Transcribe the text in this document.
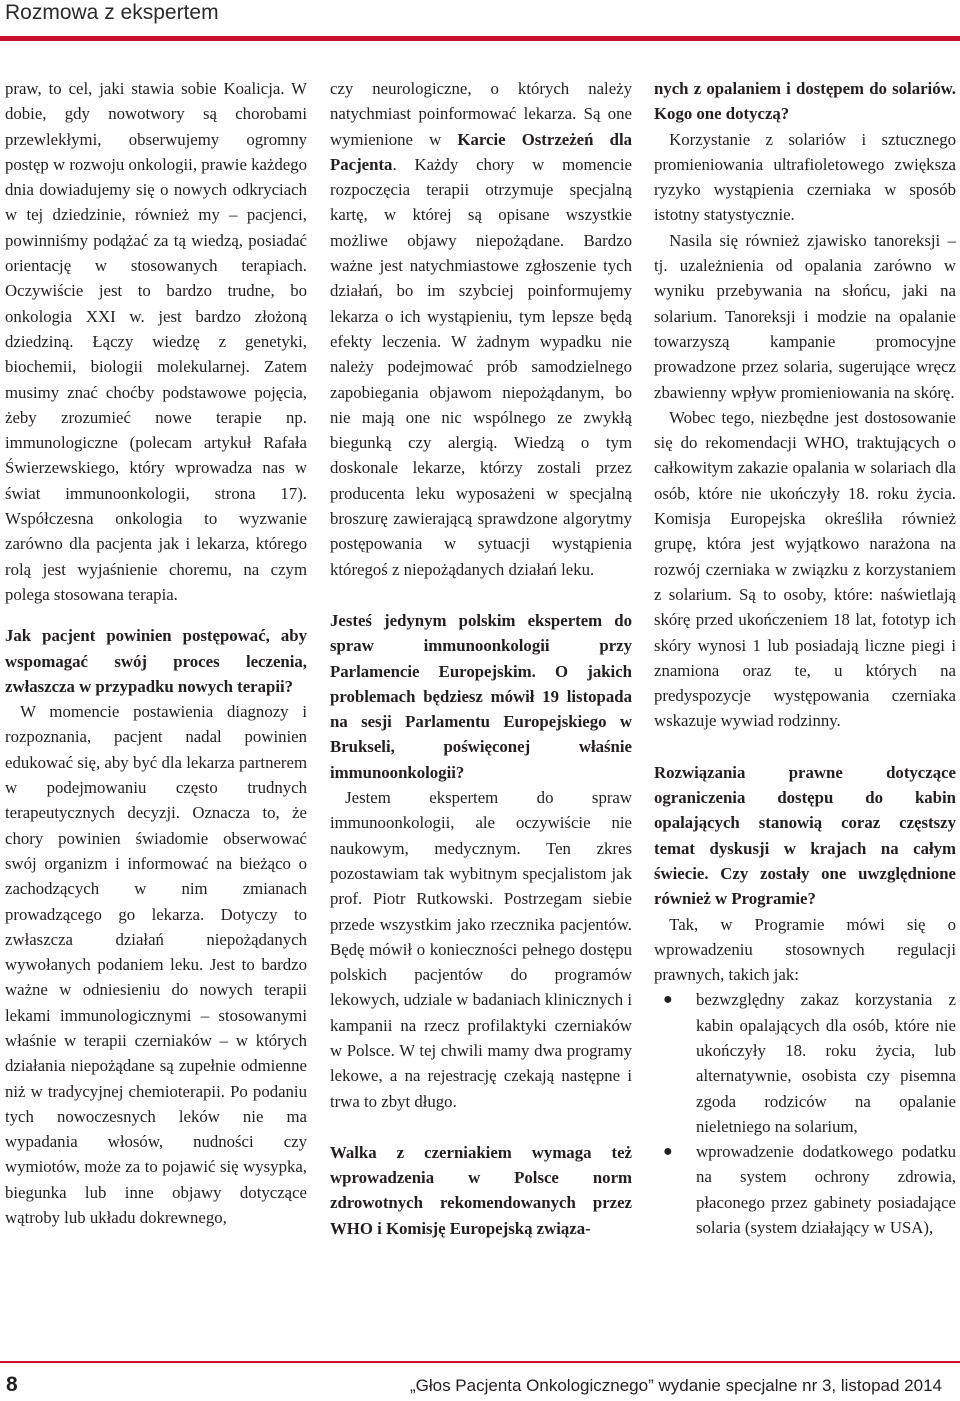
Rozmowa z ekspertem

praw, to cel, jaki stawia sobie Koalicja. W dobie, gdy nowotwory są chorobami przewlekłymi, obserwujemy ogromny postęp w rozwoju onkologii, prawie każdego dnia dowiadujemy się o nowych odkryciach w tej dziedzinie, również my – pacjenci, powinniśmy podążać za tą wiedzą, posiadać orientację w stosowanych terapiach. Oczywiście jest to bardzo trudne, bo onkologia XXI w. jest bardzo złożoną dziedziną. Łączy wiedzę z genetyki, biochemii, biologii molekularnej. Zatem musimy znać choćby podstawowe pojęcia, żeby zrozumieć nowe terapie np. immunologiczne (polecam artykuł Rafała Świerzewskiego, który wprowadza nas w świat immunoonkologii, strona 17). Współczesna onkologia to wyzwanie zarówno dla pacjenta jak i lekarza, którego rolą jest wyjaśnienie choremu, na czym polega stosowana terapia.

Jak pacjent powinien postępować, aby wspomagać swój proces leczenia, zwłaszcza w przypadku nowych terapii?

W momencie postawienia diagnozy i rozpoznania, pacjent nadal powinien edukować się, aby być dla lekarza partnerem w podejmowaniu często trudnych terapeutycznych decyzji. Oznacza to, że chory powinien świadomie obserwować swój organizm i informować na bieżąco o zachodzących w nim zmianach prowadzącego go lekarza. Dotyczy to zwłaszcza działań niepożądanych wywołanych podaniem leku. Jest to bardzo ważne w odniesieniu do nowych terapii lekami immunologicznymi – stosowanymi właśnie w terapii czerniaków – w których działania niepożądane są zupełnie odmienne niż w tradycyjnej chemioterapii. Po podaniu tych nowoczesnych leków nie ma wypadania włosów, nudności czy wymiotów, może za to pojawić się wysypka, biegunka lub inne objawy dotyczące wątroby lub układu dokrewnego,

czy neurologiczne, o których należy natychmiast poinformować lekarza. Są one wymienione w Karcie Ostrzeżeń dla Pacjenta. Każdy chory w momencie rozpoczęcia terapii otrzymuje specjalną kartę, w której są opisane wszystkie możliwe objawy niepożądane. Bardzo ważne jest natychmiastowe zgłoszenie tych działań, bo im szybciej poinformujemy lekarza o ich wystąpieniu, tym lepsze będą efekty leczenia. W żadnym wypadku nie należy podejmować prób samodzielnego zapobiegania objawom niepożądanym, bo nie mają one nic wspólnego ze zwykłą biegunką czy alergią. Wiedzą o tym doskonale lekarze, którzy zostali przez producenta leku wyposażeni w specjalną broszurę zawierającą sprawdzone algorytmy postępowania w sytuacji wystąpienia któregoś z niepożądanych działań leku.

Jesteś jedynym polskim ekspertem do spraw immunoonkologii przy Parlamencie Europejskim. O jakich problemach będziesz mówił 19 listopada na sesji Parlamentu Europejskiego w Brukseli, poświęconej właśnie immunoonkologii?

Jestem ekspertem do spraw immunoonkologii, ale oczywiście nie naukowym, medycznym. Ten zkres pozostawiam tak wybitnym specjalistom jak prof. Piotr Rutkowski. Postrzegam siebie przede wszystkim jako rzecznika pacjentów. Będę mówił o konieczności pełnego dostępu polskich pacjentów do programów lekowych, udziale w badaniach klinicznych i kampanii na rzecz profilaktyki czerniaków w Polsce. W tej chwili mamy dwa programy lekowe, a na rejestrację czekają następne i trwa to zbyt długo.

Walka z czerniakiem wymaga też wprowadzenia w Polsce norm zdrowotnych rekomendowanych przez WHO i Komisję Europejską związa-

nych z opalaniem i dostępem do solariów. Kogo one dotyczą?

Korzystanie z solariów i sztucznego promieniowania ultrafioletowego zwiększa ryzyko wystąpienia czerniaka w sposób istotny statystycznie.

Nasila się również zjawisko tanoreksji – tj. uzależnienia od opalania zarówno w wyniku przebywania na słońcu, jaki na solarium. Tanoreksji i modzie na opalanie towarzyszą kampanie promocyjne prowadzone przez solaria, sugerujące wręcz zbawienny wpływ promieniowania na skórę.

Wobec tego, niezbędne jest dostosowanie się do rekomendacji WHO, traktujących o całkowitym zakazie opalania w solariach dla osób, które nie ukończyły 18. roku życia. Komisja Europejska określiła również grupę, która jest wyjątkowo narażona na rozwój czerniaka w związku z korzystaniem z solarium. Są to osoby, które: naświetlają skórę przed ukończeniem 18 lat, fototyp ich skóry wynosi 1 lub posiadają liczne piegi i znamiona oraz te, u których na predyspozycje występowania czerniaka wskazuje wywiad rodzinny.

Rozwiązania prawne dotyczące ograniczenia dostępu do kabin opalających stanowią coraz częstszy temat dyskusji w krajach na całym świecie. Czy zostały one uwzględnione również w Programie?

Tak, w Programie mówi się o wprowadzeniu stosownych regulacji prawnych, takich jak:

● bezwzględny zakaz korzystania z kabin opalających dla osób, które nie ukończyły 18. roku życia, lub alternatywnie, osobista czy pisemna zgoda rodziców na opalanie nieletniego na solarium,
● wprowadzenie dodatkowego podatku na system ochrony zdrowia, płaconego przez gabinety posiadające solaria (system działający w USA),
8	„Głos Pacjenta Onkologicznego” wydanie specjalne nr 3, listopad 2014
